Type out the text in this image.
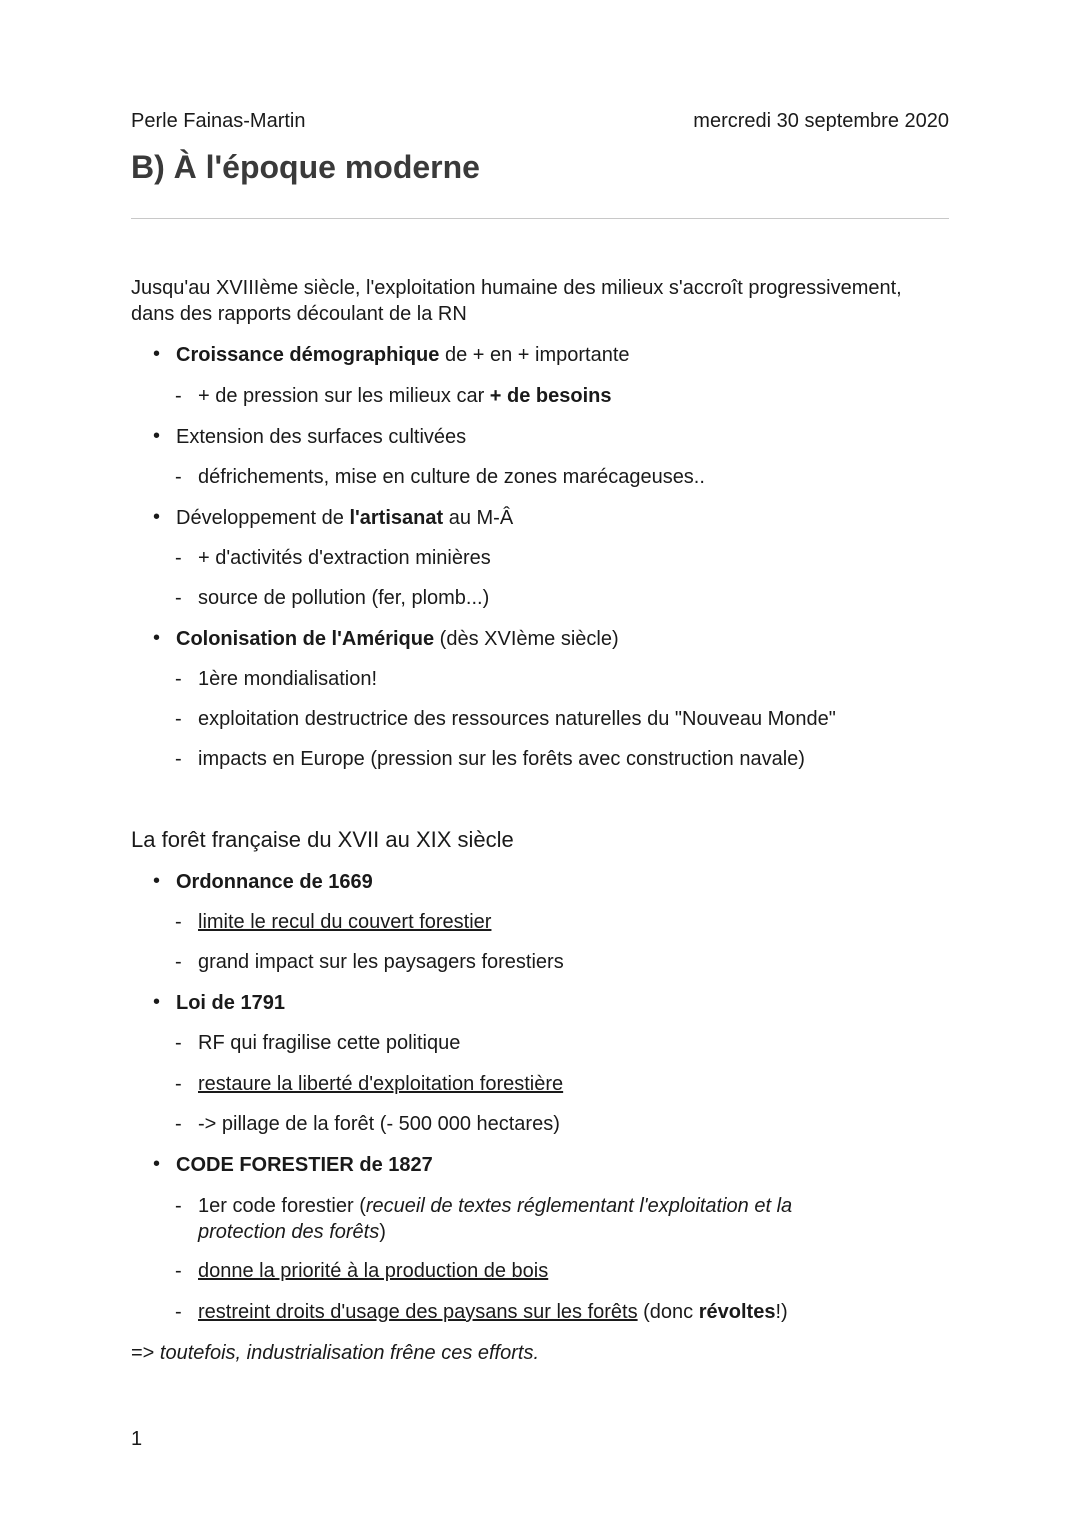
Perle Fainas-Martin	mercredi 30 septembre 2020
B) À l'époque moderne
Jusqu'au XVIIIème siècle, l'exploitation humaine des milieux s'accroît progressivement, dans des rapports découlant de la RN
• Croissance démographique de + en + importante
- + de pression sur les milieux car + de besoins
• Extension des surfaces cultivées
- défrichements, mise en culture de zones marécageuses..
• Développement de l'artisanat au M-Â
- + d'activités d'extraction minières
- source de pollution (fer, plomb...)
• Colonisation de l'Amérique (dès XVIème siècle)
- 1ère mondialisation!
- exploitation destructrice des ressources naturelles du "Nouveau Monde"
- impacts en Europe (pression sur les forêts avec construction navale)
La forêt française du XVII au XIX siècle
• Ordonnance de 1669
- limite le recul du couvert forestier
- grand impact sur les paysagers forestiers
• Loi de 1791
- RF qui fragilise cette politique
- restaure la liberté d'exploitation forestière
- -> pillage de la forêt (- 500 000 hectares)
• CODE FORESTIER de 1827
- 1er code forestier (recueil de textes réglementant l'exploitation et la protection des forêts)
- donne la priorité à la production de bois
- restreint droits d'usage des paysans sur les forêts (donc révoltes!)
=> toutefois, industrialisation frêne ces efforts.
1
